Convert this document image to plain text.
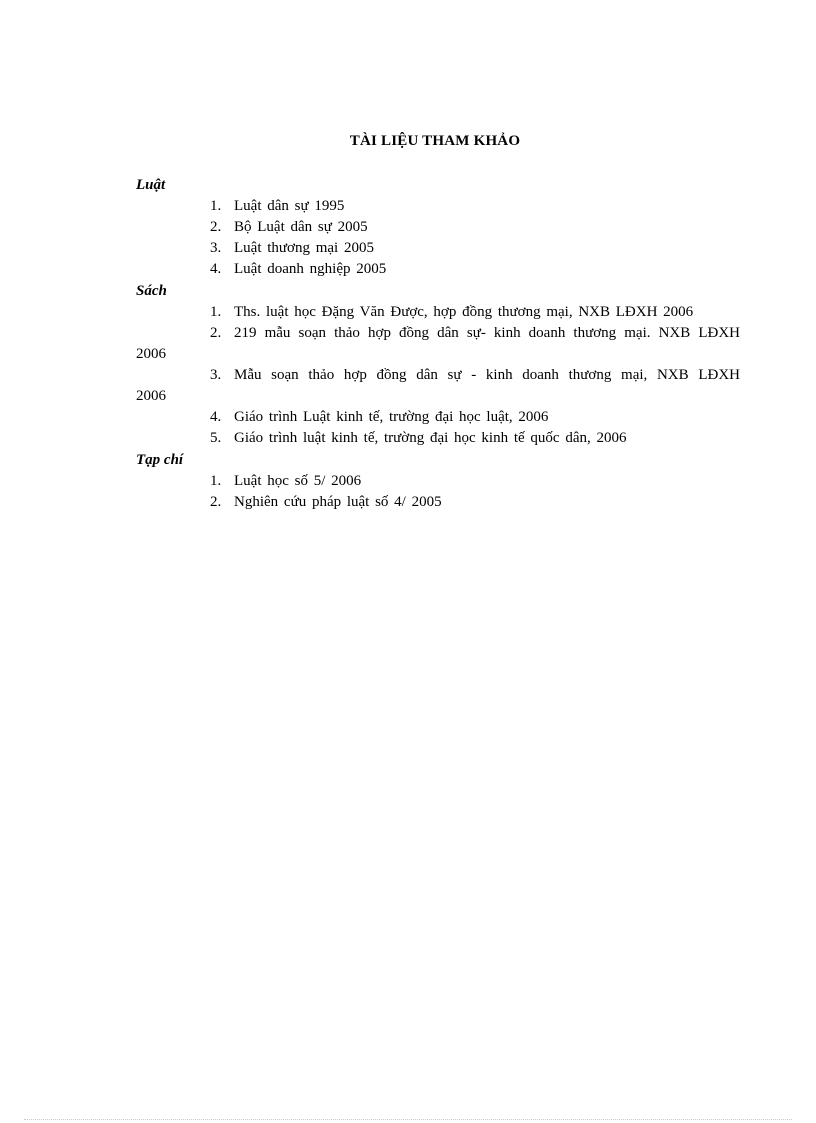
TÀI LIỆU THAM KHẢO

Luật

1. Luật dân sự 1995
2. Bộ Luật dân sự 2005
3. Luật thương mại 2005
4. Luật doanh nghiệp 2005

Sách

1. Ths. luật học Đặng Văn Được, hợp đồng thương mại, NXB LĐXH 2006
2. 219 mẫu soạn thảo hợp đồng dân sự- kinh doanh thương mại. NXB LĐXH
2006
3. Mẫu soạn thảo hợp đồng dân sự - kinh doanh thương mại, NXB LĐXH
2006
4. Giáo trình Luật kinh tế, trường đại học luật, 2006
5. Giáo trình luật kinh tế, trường đại học kinh tế quốc dân, 2006

Tạp chí

1. Luật học số 5/ 2006
2. Nghiên cứu pháp luật số 4/ 2005
